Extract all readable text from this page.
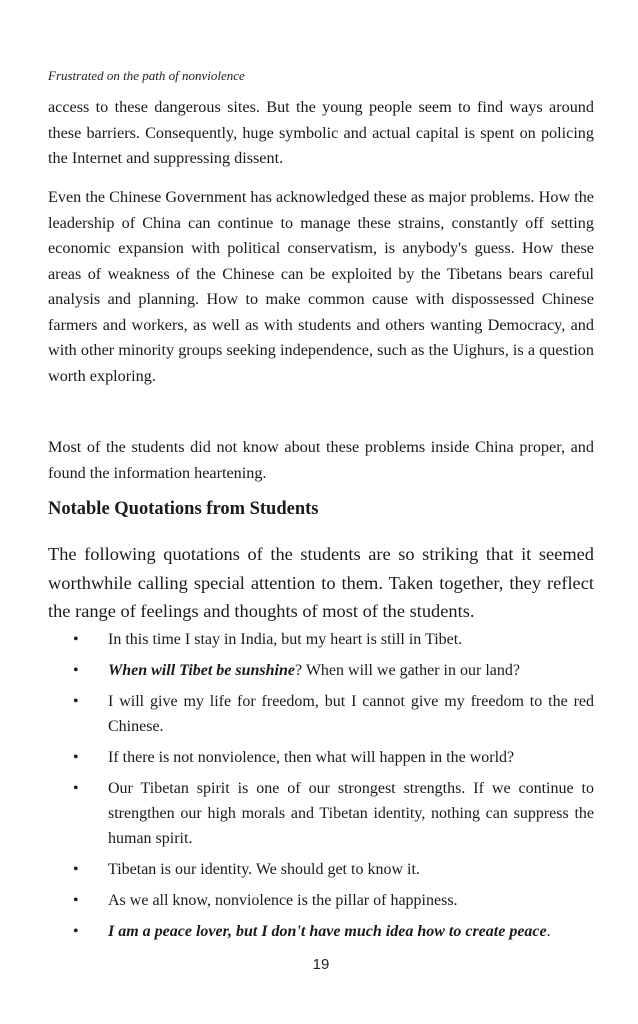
Frustrated on the path of nonviolence

access to these dangerous sites. But the young people seem to find ways around these barriers. Consequently, huge symbolic and actual capital is spent on policing the Internet and suppressing dissent.

Even the Chinese Government has acknowledged these as major problems. How the leadership of China can continue to manage these strains, constantly off setting economic expansion with political conservatism, is anybody's guess. How these areas of weakness of the Chinese can be exploited by the Tibetans bears careful analysis and planning. How to make common cause with dispossessed Chinese farmers and workers, as well as with students and others wanting Democracy, and with other minority groups seeking independence, such as the Uighurs, is a question worth exploring.

Most of the students did not know about these problems inside China proper, and found the information heartening.

Notable Quotations from Students

The following quotations of the students are so striking that it seemed worthwhile calling special attention to them. Taken together, they reflect the range of feelings and thoughts of most of the students.

• In this time I stay in India, but my heart is still in Tibet.
• When will Tibet be sunshine? When will we gather in our land?
• I will give my life for freedom, but I cannot give my freedom to the red Chinese.
• If there is not nonviolence, then what will happen in the world?
• Our Tibetan spirit is one of our strongest strengths. If we continue to strengthen our high morals and Tibetan identity, nothing can suppress the human spirit.
• Tibetan is our identity. We should get to know it.
• As we all know, nonviolence is the pillar of happiness.
• I am a peace lover, but I don't have much idea how to create peace.
19
